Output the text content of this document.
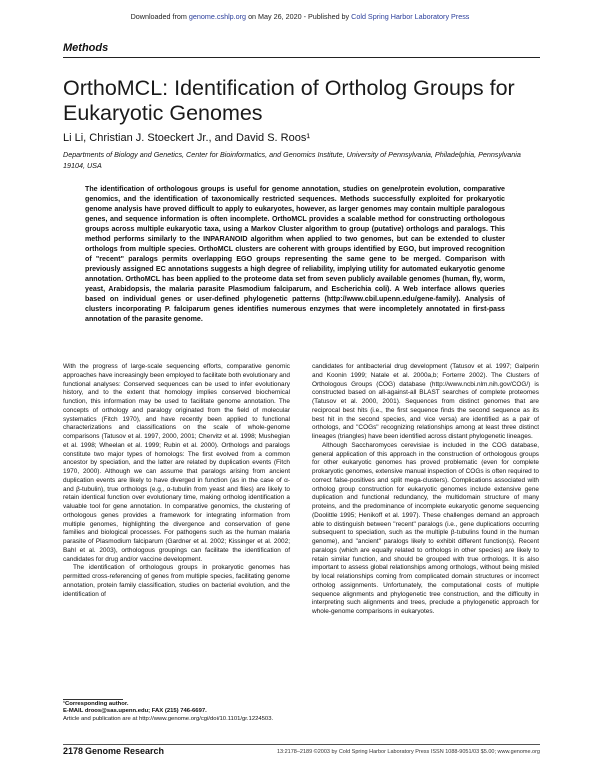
Downloaded from genome.cshlp.org on May 26, 2020 - Published by Cold Spring Harbor Laboratory Press
Methods
OrthoMCL: Identification of Ortholog Groups for Eukaryotic Genomes
Li Li, Christian J. Stoeckert Jr., and David S. Roos¹
Departments of Biology and Genetics, Center for Bioinformatics, and Genomics Institute, University of Pennsylvania, Philadelphia, Pennsylvania 19104, USA

The identification of orthologous groups is useful for genome annotation, studies on gene/protein evolution, comparative genomics, and the identification of taxonomically restricted sequences. Methods successfully exploited for prokaryotic genome analysis have proved difficult to apply to eukaryotes, however, as larger genomes may contain multiple paralogous genes, and sequence information is often incomplete. OrthoMCL provides a scalable method for constructing orthologous groups across multiple eukaryotic taxa, using a Markov Cluster algorithm to group (putative) orthologs and paralogs. This method performs similarly to the INPARANOID algorithm when applied to two genomes, but can be extended to cluster orthologs from multiple species. OrthoMCL clusters are coherent with groups identified by EGO, but improved recognition of "recent" paralogs permits overlapping EGO groups representing the same gene to be merged. Comparison with previously assigned EC annotations suggests a high degree of reliability, implying utility for automated eukaryotic genome annotation. OrthoMCL has been applied to the proteome data set from seven publicly available genomes (human, fly, worm, yeast, Arabidopsis, the malaria parasite Plasmodium falciparum, and Escherichia coli). A Web interface allows queries based on individual genes or user-defined phylogenetic patterns (http://www.cbil.upenn.edu/gene-family). Analysis of clusters incorporating P. falciparum genes identifies numerous enzymes that were incompletely annotated in first-pass annotation of the parasite genome.

With the progress of large-scale sequencing efforts, comparative genomic approaches have increasingly been employed to facilitate both evolutionary and functional analyses: Conserved sequences can be used to infer evolutionary history, and to the extent that homology implies conserved biochemical function, this information may be used to facilitate genome annotation. The concepts of orthology and paralogy originated from the field of molecular systematics (Fitch 1970), and have recently been applied to functional characterizations and classifications on the scale of whole-genome comparisons (Tatusov et al. 1997, 2000, 2001; Chervitz et al. 1998; Mushegian et al. 1998; Wheelan et al. 1999; Rubin et al. 2000). Orthologs and paralogs constitute two major types of homologs: The first evolved from a common ancestor by speciation, and the latter are related by duplication events (Fitch 1970, 2000). Although we can assume that paralogs arising from ancient duplication events are likely to have diverged in function (as in the case of α- and β-tubulin), true orthologs (e.g., α-tubulin from yeast and flies) are likely to retain identical function over evolutionary time, making ortholog identification a valuable tool for gene annotation. In comparative genomics, the clustering of orthologous genes provides a framework for integrating information from multiple genomes, highlighting the divergence and conservation of gene families and biological processes. For pathogens such as the human malaria parasite of Plasmodium falciparum (Gardner et al. 2002; Kissinger et al. 2002; Bahl et al. 2003), orthologous groupings can facilitate the identification of candidates for drug and/or vaccine development.

The identification of orthologous groups in prokaryotic genomes has permitted cross-referencing of genes from multiple species, facilitating genome annotation, protein family classification, studies on bacterial evolution, and the identification of

candidates for antibacterial drug development (Tatusov et al. 1997; Galperin and Koonin 1999; Natale et al. 2000a,b; Forterre 2002). The Clusters of Orthologous Groups (COG) database (http://www.ncbi.nlm.nih.gov/COG/) is constructed based on all-against-all BLAST searches of complete proteomes (Tatusov et al. 2000, 2001). Sequences from distinct genomes that are reciprocal best hits (i.e., the first sequence finds the second sequence as its best hit in the second species, and vice versa) are identified as a pair of orthologs, and "COGs" recognizing relationships among at least three distinct lineages (triangles) have been identified across distant phylogenetic lineages.

Although Saccharomyces cerevisiae is included in the COG database, general application of this approach in the construction of orthologous groups for other eukaryotic genomes has proved problematic (even for complete prokaryotic genomes, extensive manual inspection of COGs is often required to correct false-positives and split mega-clusters). Complications associated with ortholog group construction for eukaryotic genomes include extensive gene duplication and functional redundancy, the multidomain structure of many proteins, and the predominance of incomplete eukaryotic genome sequencing (Doolittle 1995; Henikoff et al. 1997). These challenges demand an approach able to distinguish between "recent" paralogs (i.e., gene duplications occurring subsequent to speciation, such as the multiple β-tubulins found in the human genome), and "ancient" paralogs likely to exhibit different function(s). Recent paralogs (which are equally related to orthologs in other species) are likely to retain similar function, and should be grouped with true orthologs. It is also important to assess global relationships among orthologs, without being misled by local relationships coming from complicated domain structures or incorrect ortholog assignments. Unfortunately, the computational costs of multiple sequence alignments and phylogenetic tree construction, and the difficulty in interpreting such alignments and trees, preclude a phylogenetic approach for whole-genome comparisons in eukaryotes.

¹Corresponding author.
E-MAIL droos@sas.upenn.edu; FAX (215) 746-6697.
Article and publication are at http://www.genome.org/cgi/doi/10.1101/gr.1224503.
2178 Genome Research	13:2178–2189 ©2003 by Cold Spring Harbor Laboratory Press ISSN 1088-9051/03 $5.00; www.genome.org
